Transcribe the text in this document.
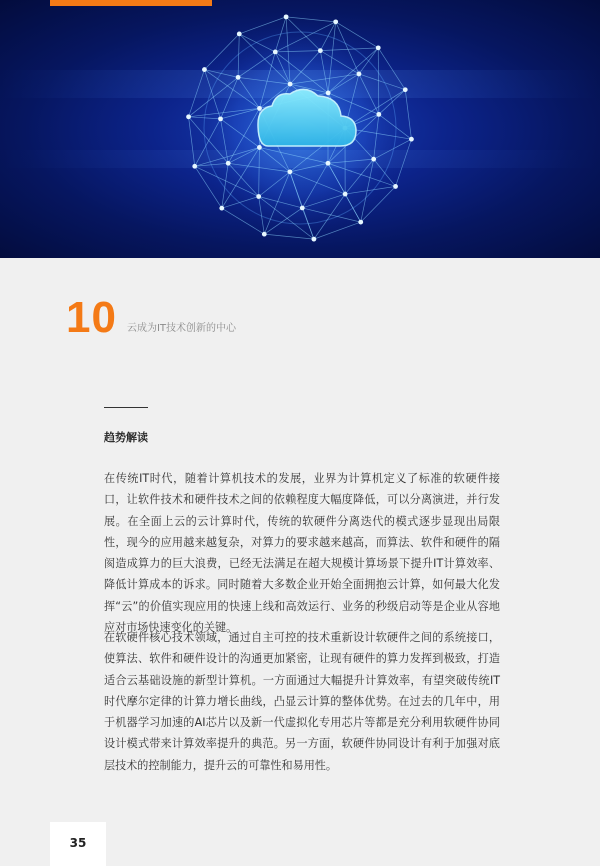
10 云成为IT技术创新的中心
趋势解读

在传统IT时代，随着计算机技术的发展，业界为计算机定义了标准的软硬件接口，让软件技术和硬件技术之间的依赖程度大幅度降低，可以分离演进，并行发展。在全面上云的云计算时代，传统的软硬件分离迭代的模式逐步显现出局限性，现今的应用越来越复杂，对算力的要求越来越高，而算法、软件和硬件的隔阂造成算力的巨大浪费，已经无法满足在超大规模计算场景下提升IT计算效率、降低计算成本的诉求。同时随着大多数企业开始全面拥抱云计算，如何最大化发挥“云”的价值实现应用的快速上线和高效运行、业务的秒级启动等是企业从容地应对市场快速变化的关键。

在软硬件核心技术领域，通过自主可控的技术重新设计软硬件之间的系统接口，使算法、软件和硬件设计的沟通更加紧密，让现有硬件的算力发挥到极致，打造适合云基础设施的新型计算机。一方面通过大幅提升计算效率，有望突破传统IT时代摩尔定律的计算力增长曲线，凸显云计算的整体优势。在过去的几年中，用于机器学习加速的AI芯片以及新一代虚拟化专用芯片等都是充分利用软硬件协同设计模式带来计算效率提升的典范。另一方面，软硬件协同设计有利于加强对底层技术的控制能力，提升云的可靠性和易用性。

35
